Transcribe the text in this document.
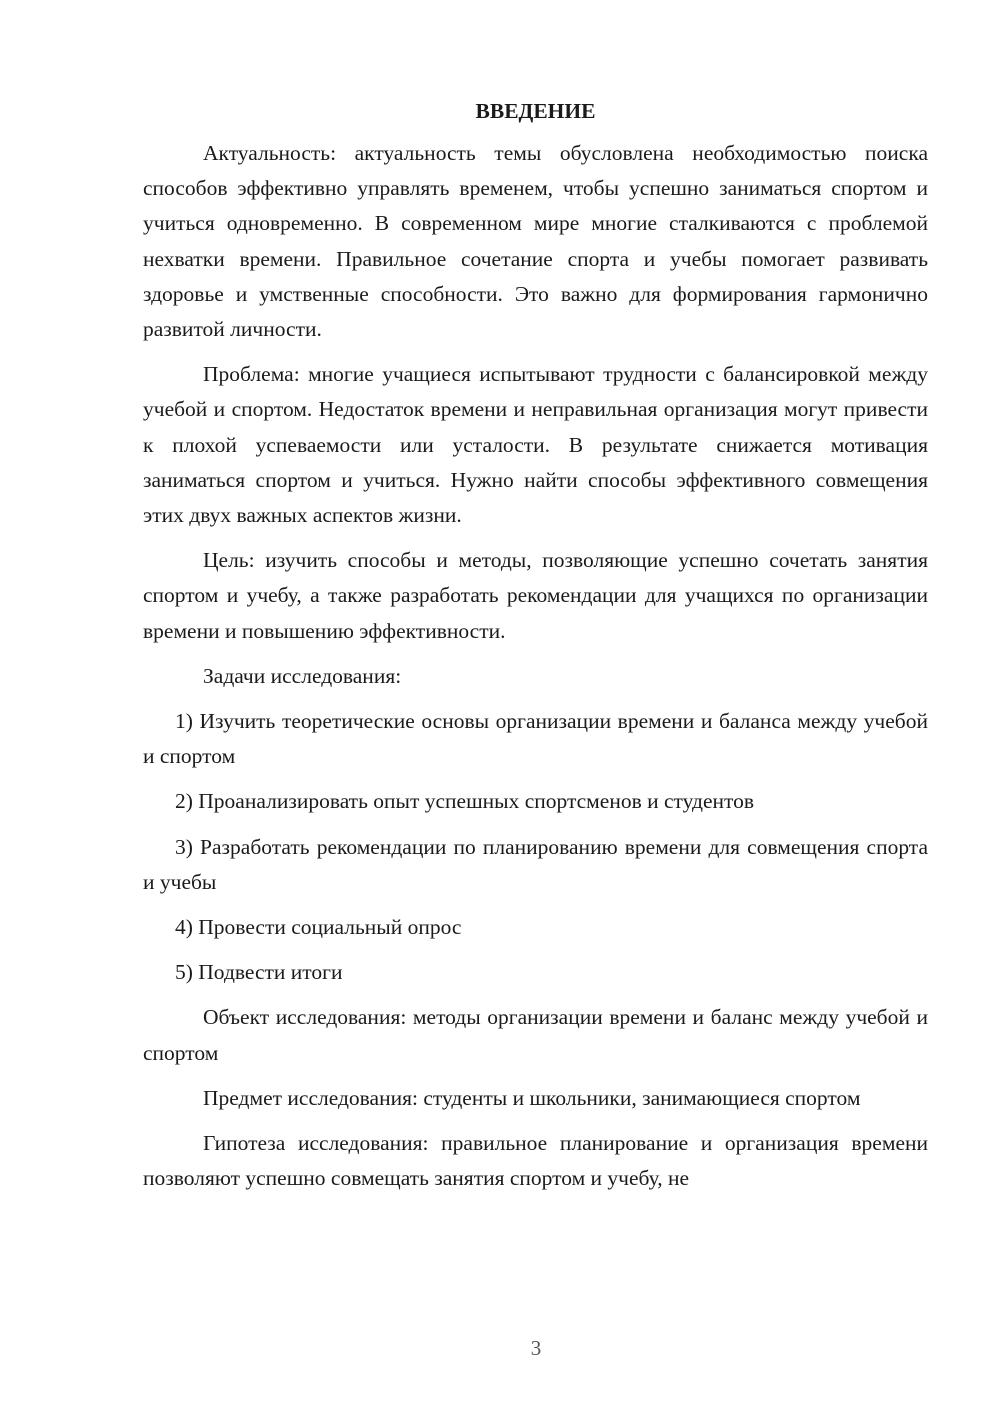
ВВЕДЕНИЕ

Актуальность: актуальность темы обусловлена необходимостью поиска способов эффективно управлять временем, чтобы успешно заниматься спортом и учиться одновременно. В современном мире многие сталкиваются с проблемой нехватки времени. Правильное сочетание спорта и учебы помогает развивать здоровье и умственные способности. Это важно для формирования гармонично развитой личности.

Проблема: многие учащиеся испытывают трудности с балансировкой между учебой и спортом. Недостаток времени и неправильная организация могут привести к плохой успеваемости или усталости. В результате снижается мотивация заниматься спортом и учиться. Нужно найти способы эффективного совмещения этих двух важных аспектов жизни.

Цель: изучить способы и методы, позволяющие успешно сочетать занятия спортом и учебу, а также разработать рекомендации для учащихся по организации времени и повышению эффективности.

Задачи исследования:

1) Изучить теоретические основы организации времени и баланса между учебой и спортом

2) Проанализировать опыт успешных спортсменов и студентов

3) Разработать рекомендации по планированию времени для совмещения спорта и учебы

4) Провести социальный опрос

5) Подвести итоги

Объект исследования: методы организации времени и баланс между учебой и спортом

Предмет исследования: студенты и школьники, занимающиеся спортом

Гипотеза исследования: правильное планирование и организация времени позволяют успешно совмещать занятия спортом и учебу, не

3
